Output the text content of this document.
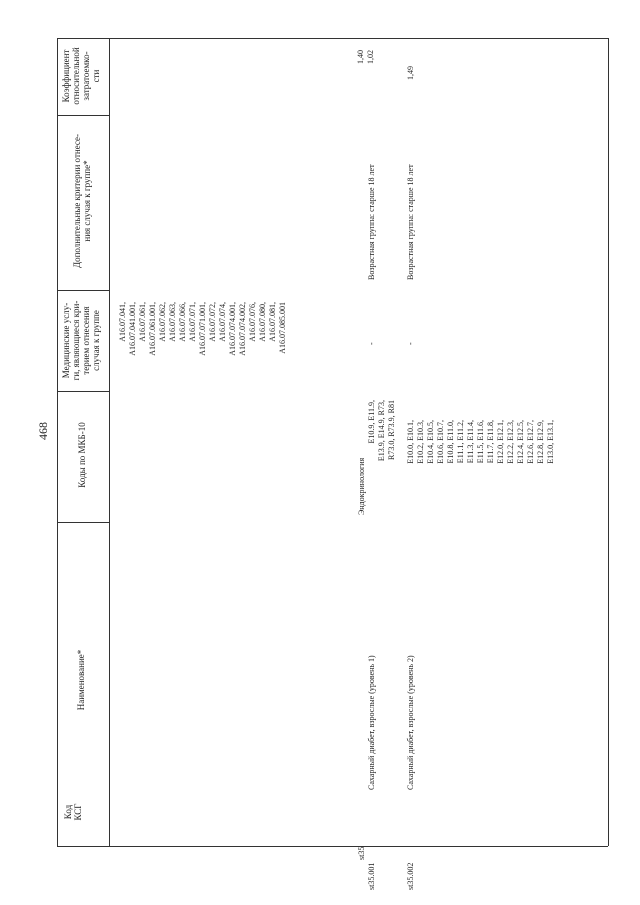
468
Код КСГ
Наименование*
Коды по МКБ-10
Медицинские услу- ги, являющиеся кри- терием отнесения случая к группе
Дополнительные критерии отнесе- ния случая к группе*
Коэффициент относительной затратоемко- сти
A16.07.041, A16.07.041.001, A16.07.061, A16.07.061.001, A16.07.062, A16.07.063, A16.07.066, A16.07.071, A16.07.071.001, A16.07.072, A16.07.074, A16.07.074.001, A16.07.074.002, A16.07.076, A16.07.080, A16.07.081, A16.07.085.001
st35
Эндокринология
st35.001
Сахарный диабет, взрослые (уровень 1)
E10.9, E11.9, E13.9, E14.9, R73, R73.0, R73.9, R81
-
Возрастная группа: старше 18 лет
1,40 1,02
st35.002
Сахарный диабет, взрослые (уровень 2)
E10.0, E10.1, E10.2, E10.3, E10.4, E10.5, E10.6, E10.7, E10.8, E11.0, E11.1, E11.2, E11.3, E11.4, E11.5, E11.6, E11.7, E11.8, E12.0, E12.1, E12.2, E12.3, E12.4, E12.5, E12.6, E12.7, E12.8, E12.9, E13.0, E13.1,
-
Возрастная группа: старше 18 лет
1,49
